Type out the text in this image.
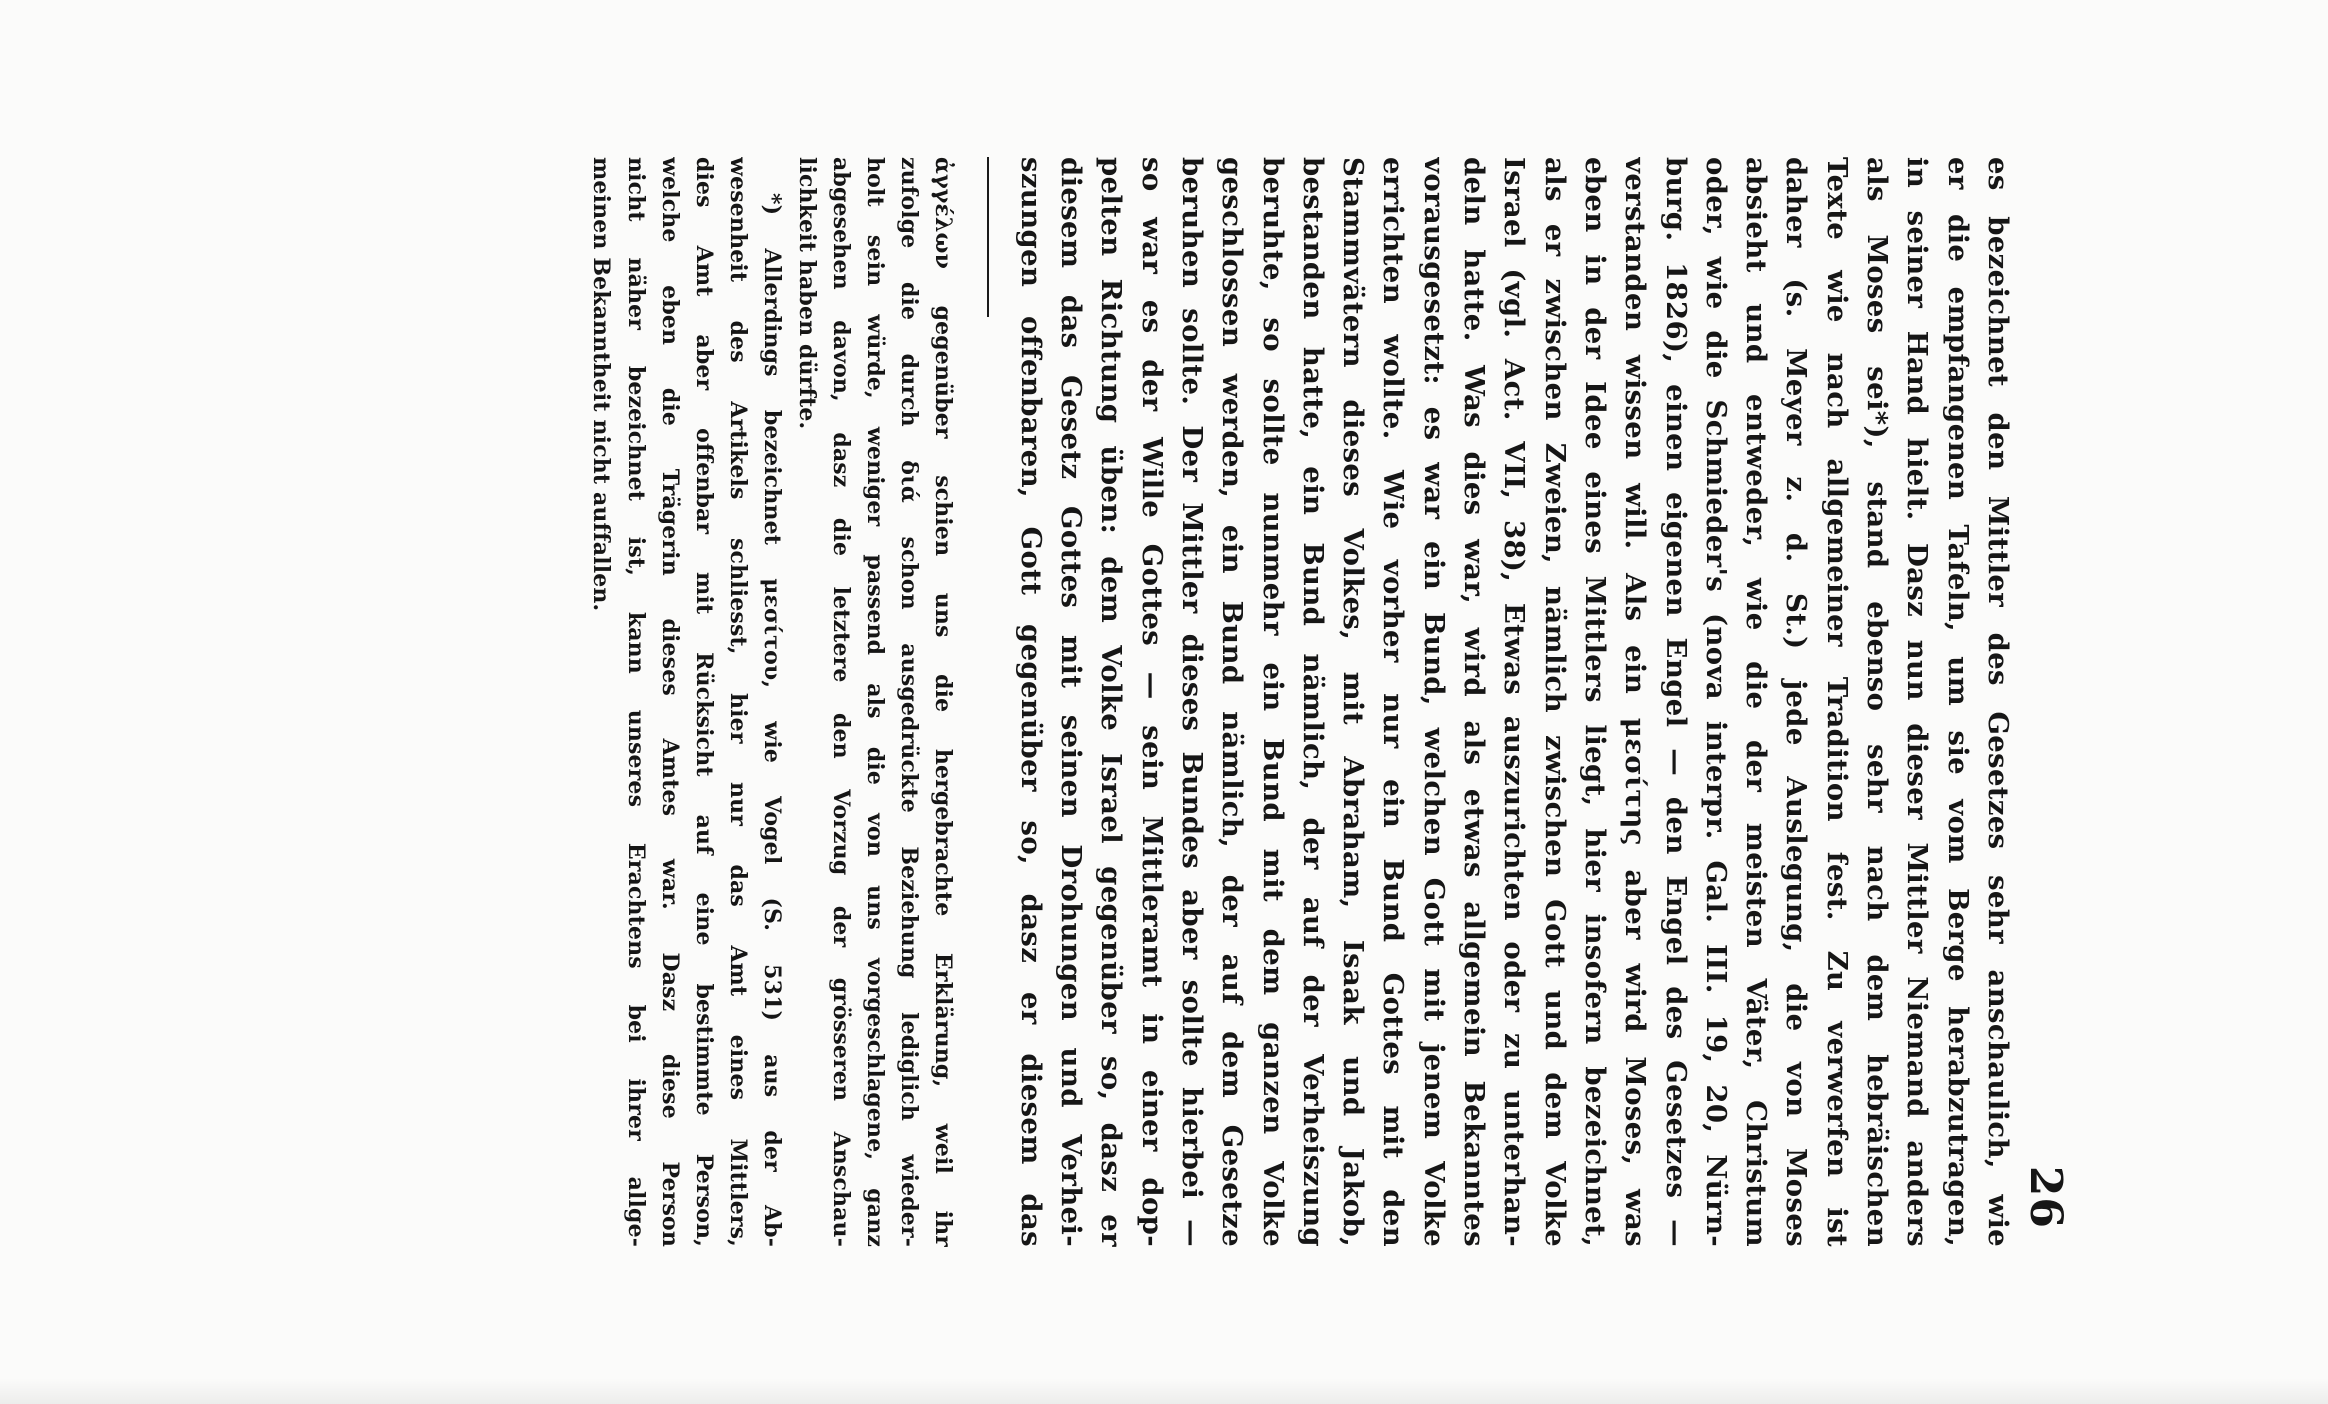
26

es bezeichnet den Mittler des Gesetzes sehr anschaulich, wie

er die empfangenen Tafeln, um sie vom Berge herabzutragen,

in seiner Hand hielt. Dasz nun dieser Mittler Niemand anders

als Moses sei*), stand ebenso sehr nach dem hebräischen

Texte wie nach allgemeiner Tradition fest. Zu verwerfen ist

daher (s. Meyer z. d. St.) jede Auslegung, die von Moses

absieht und entweder, wie die der meisten Väter, Christum

oder, wie die Schmieder's (nova interpr. Gal. III. 19, 20, Nürn-

burg. 1826), einen eigenen Engel — den Engel des Gesetzes —

verstanden wissen will. Als ein μεσίτης aber wird Moses, was

eben in der Idee eines Mittlers liegt, hier insofern bezeichnet,

als er zwischen Zweien, nämlich zwischen Gott und dem Volke

Israel (vgl. Act. VII, 38), Etwas auszurichten oder zu unterhan-

deln hatte. Was dies war, wird als etwas allgemein Bekanntes

vorausgesetzt: es war ein Bund, welchen Gott mit jenem Volke

errichten wollte. Wie vorher nur ein Bund Gottes mit den

Stammvätern dieses Volkes, mit Abraham, Isaak und Jakob,

bestanden hatte, ein Bund nämlich, der auf der Verheiszung

beruhte, so sollte nunmehr ein Bund mit dem ganzen Volke

geschlossen werden, ein Bund nämlich, der auf dem Gesetze

beruhen sollte. Der Mittler dieses Bundes aber sollte hierbei —

so war es der Wille Gottes — sein Mittleramt in einer dop-

pelten Richtung üben: dem Volke Israel gegenüber so, dasz er

diesem das Gesetz Gottes mit seinen Drohungen und Verhei-

szungen offenbaren, Gott gegenüber so, dasz er diesem das

ἀγγέλων gegenüber schien uns die hergebrachte Erklärung, weil ihr

zufolge die durch διά schon ausgedrückte Beziehung lediglich wieder-

holt sein würde, weniger passend als die von uns vorgeschlagene, ganz

abgesehen davon, dasz die letztere den Vorzug der grösseren Anschau-

lichkeit haben dürfte.

*) Allerdings bezeichnet μεσίτου, wie Vogel (S. 531) aus der Ab-

wesenheit des Artikels schliesst, hier nur das Amt eines Mittlers,

dies Amt aber offenbar mit Rücksicht auf eine bestimmte Person,

welche eben die Trägerin dieses Amtes war. Dasz diese Person

nicht näher bezeichnet ist, kann unseres Erachtens bei ihrer allge-

meinen Bekanntheit nicht auffallen.
